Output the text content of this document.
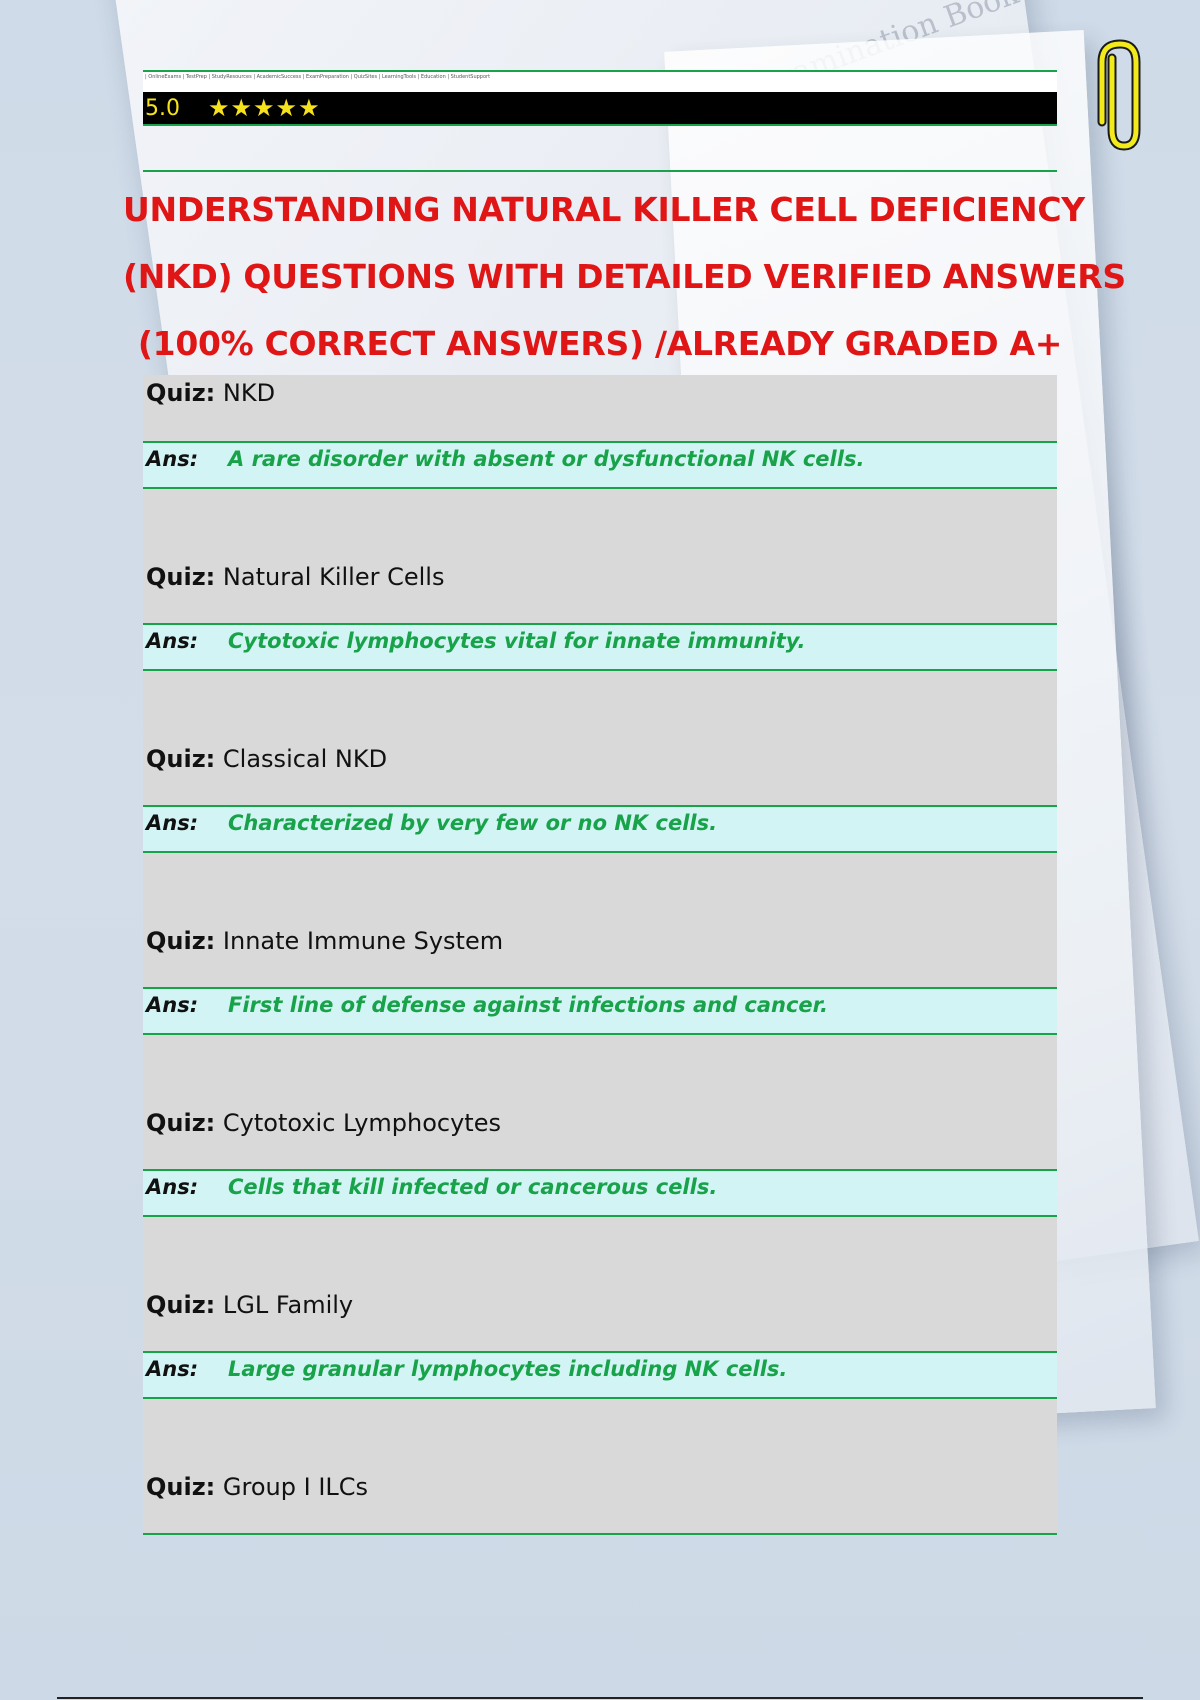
| OnlineExams | TestPrep | StudyResources | AcademicSuccess | ExamPreparation | QuizSites | LearningTools | Education | StudentSupport
5.0 ★★★★★
UNDERSTANDING NATURAL KILLER CELL DEFICIENCY
(NKD) QUESTIONS WITH DETAILED VERIFIED ANSWERS
(100% CORRECT ANSWERS) /ALREADY GRADED A+
Quiz: NKD
Ans: A rare disorder with absent or dysfunctional NK cells.
Quiz: Natural Killer Cells
Ans: Cytotoxic lymphocytes vital for innate immunity.
Quiz: Classical NKD
Ans: Characterized by very few or no NK cells.
Quiz: Innate Immune System
Ans: First line of defense against infections and cancer.
Quiz: Cytotoxic Lymphocytes
Ans: Cells that kill infected or cancerous cells.
Quiz: LGL Family
Ans: Large granular lymphocytes including NK cells.
Quiz: Group I ILCs
